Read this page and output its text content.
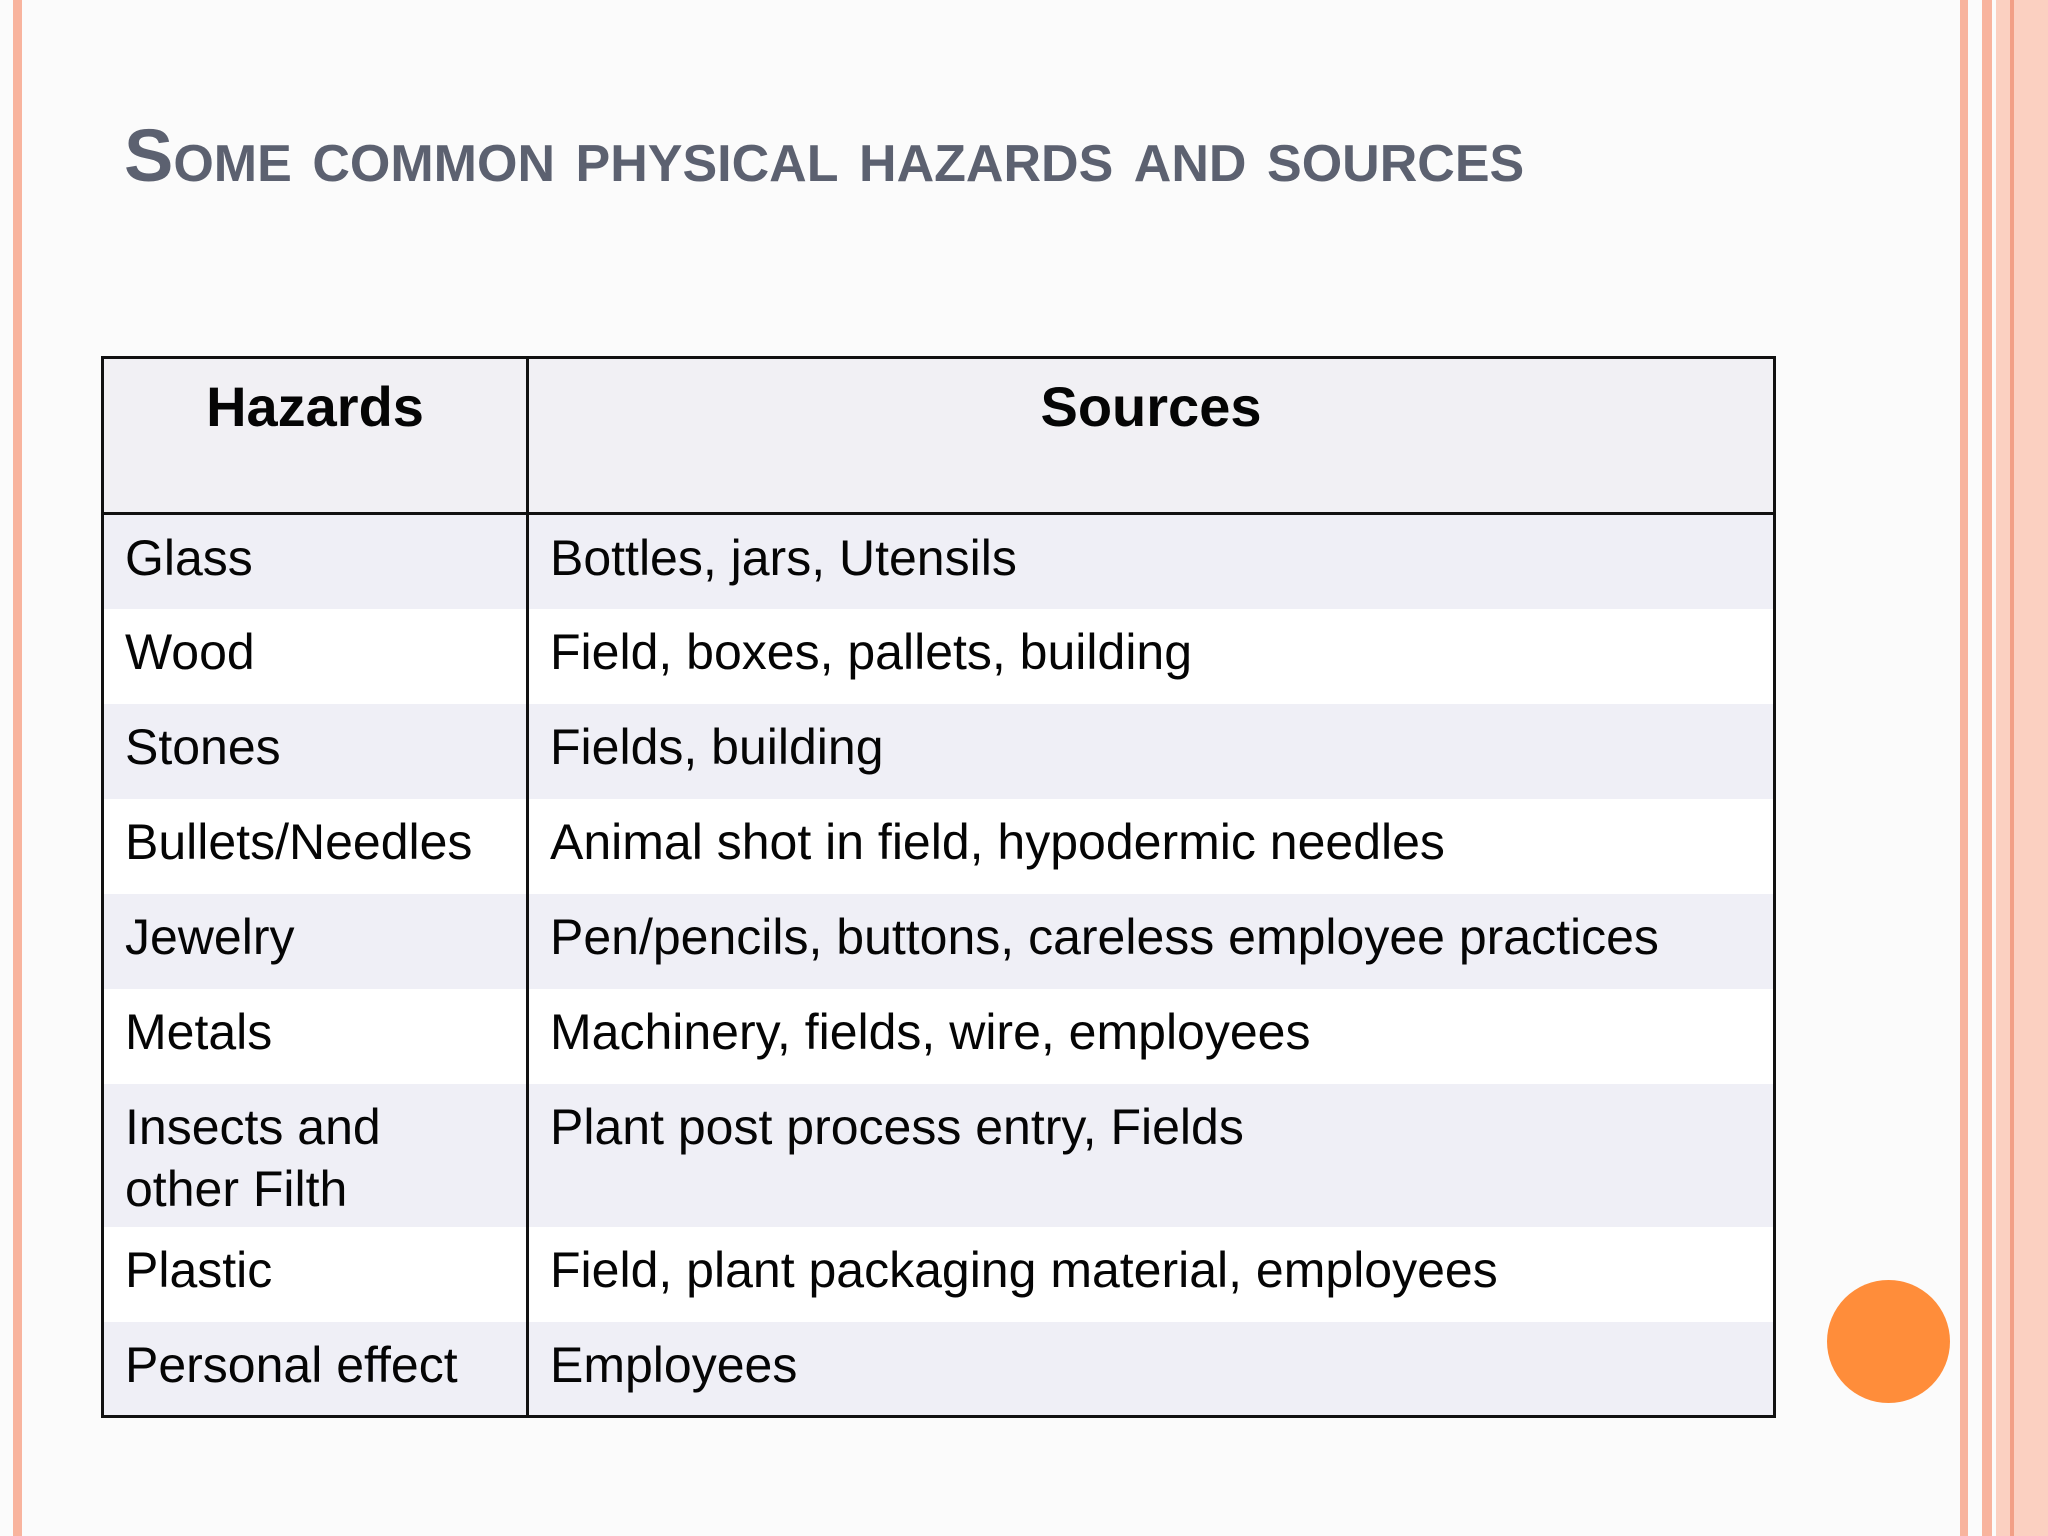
Some common physical hazards and sources
Hazards	Sources
Glass	Bottles, jars, Utensils
Wood	Field, boxes, pallets, building
Stones	Fields, building
Bullets/Needles	Animal shot in field, hypodermic needles
Jewelry	Pen/pencils, buttons, careless employee practices
Metals	Machinery, fields, wire, employees
Insects and other Filth	Plant post process entry, Fields
Plastic	Field, plant packaging material, employees
Personal effect	Employees
